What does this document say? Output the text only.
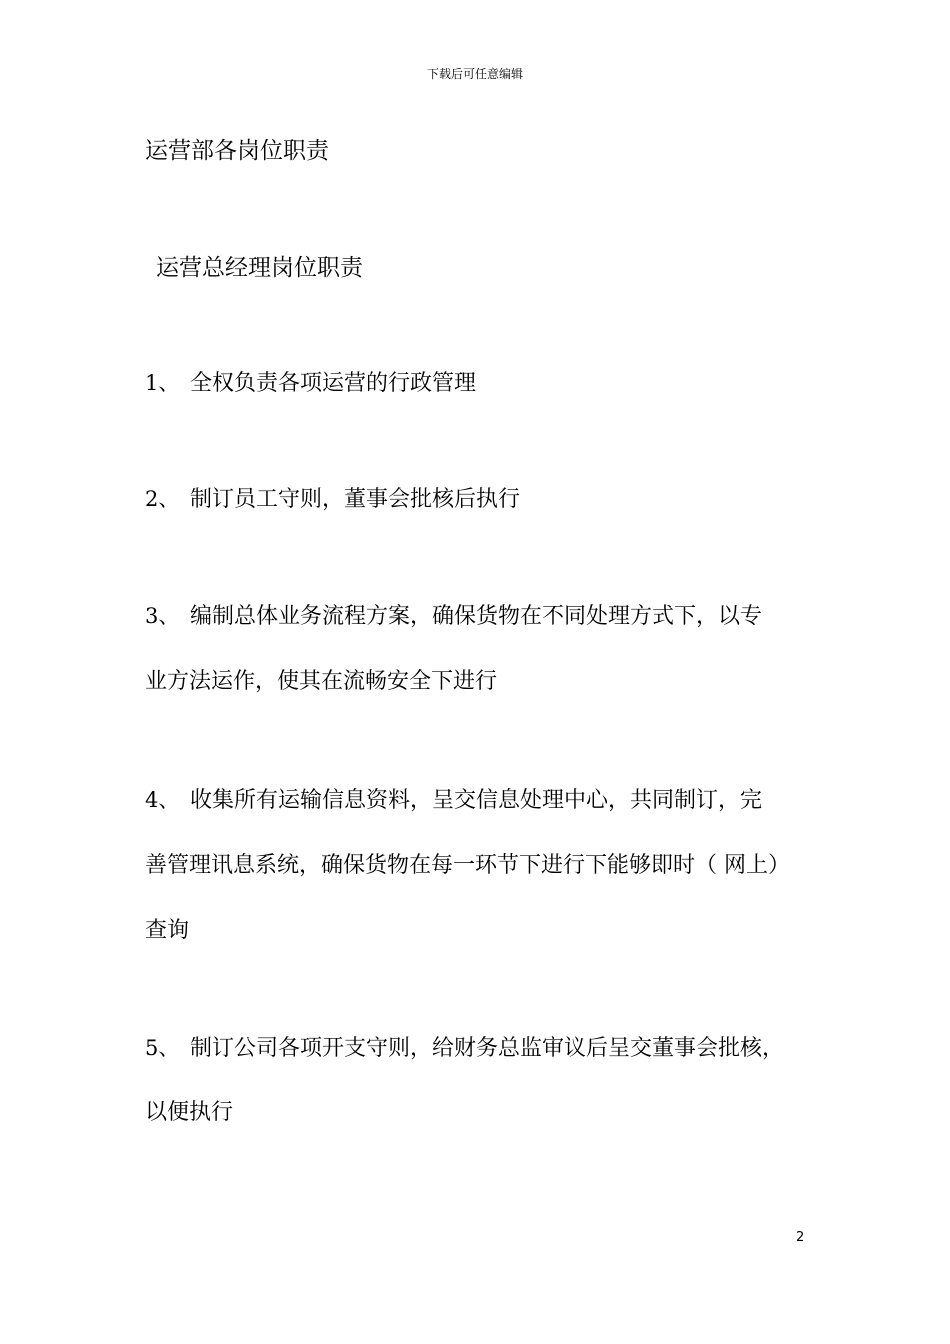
下载后可任意编辑
运营部各岗位职责
运营总经理岗位职责
1、 全权负责各项运营的行政管理
2、 制订员工守则，董事会批核后执行
3、 编制总体业务流程方案，确保货物在不同处理方式下，以专
业方法运作，使其在流畅安全下进行
4、 收集所有运输信息资料，呈交信息处理中心，共同制订，完
善管理讯息系统，确保货物在每一环节下进行下能够即时（ 网上）
查询
5、 制订公司各项开支守则，给财务总监审议后呈交董事会批核，
以便执行
2
